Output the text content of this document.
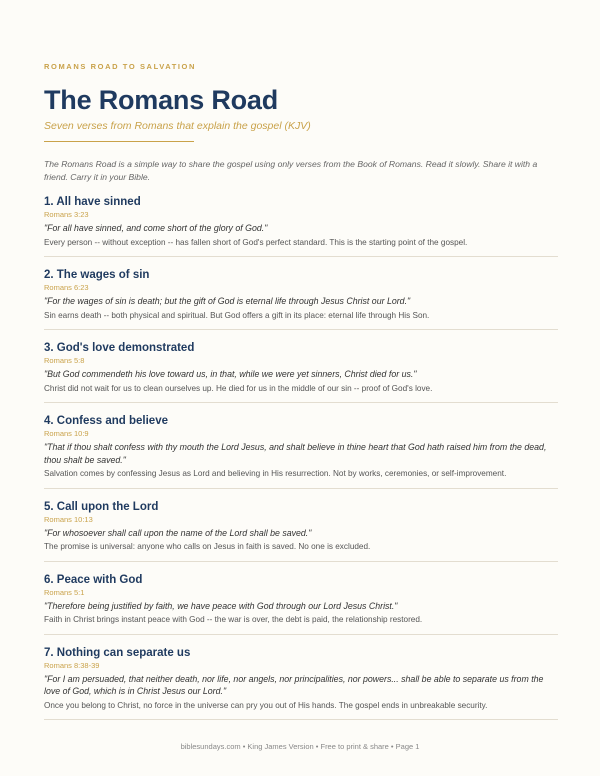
ROMANS ROAD TO SALVATION
The Romans Road
Seven verses from Romans that explain the gospel (KJV)
The Romans Road is a simple way to share the gospel using only verses from the Book of Romans. Read it slowly. Share it with a friend. Carry it in your Bible.
1. All have sinned
Romans 3:23
"For all have sinned, and come short of the glory of God."
Every person -- without exception -- has fallen short of God's perfect standard. This is the starting point of the gospel.
2. The wages of sin
Romans 6:23
"For the wages of sin is death; but the gift of God is eternal life through Jesus Christ our Lord."
Sin earns death -- both physical and spiritual. But God offers a gift in its place: eternal life through His Son.
3. God's love demonstrated
Romans 5:8
"But God commendeth his love toward us, in that, while we were yet sinners, Christ died for us."
Christ did not wait for us to clean ourselves up. He died for us in the middle of our sin -- proof of God's love.
4. Confess and believe
Romans 10:9
"That if thou shalt confess with thy mouth the Lord Jesus, and shalt believe in thine heart that God hath raised him from the dead, thou shalt be saved."
Salvation comes by confessing Jesus as Lord and believing in His resurrection. Not by works, ceremonies, or self-improvement.
5. Call upon the Lord
Romans 10:13
"For whosoever shall call upon the name of the Lord shall be saved."
The promise is universal: anyone who calls on Jesus in faith is saved. No one is excluded.
6. Peace with God
Romans 5:1
"Therefore being justified by faith, we have peace with God through our Lord Jesus Christ."
Faith in Christ brings instant peace with God -- the war is over, the debt is paid, the relationship restored.
7. Nothing can separate us
Romans 8:38-39
"For I am persuaded, that neither death, nor life, nor angels, nor principalities, nor powers... shall be able to separate us from the love of God, which is in Christ Jesus our Lord."
Once you belong to Christ, no force in the universe can pry you out of His hands. The gospel ends in unbreakable security.
biblesundays.com • King James Version • Free to print & share • Page 1
